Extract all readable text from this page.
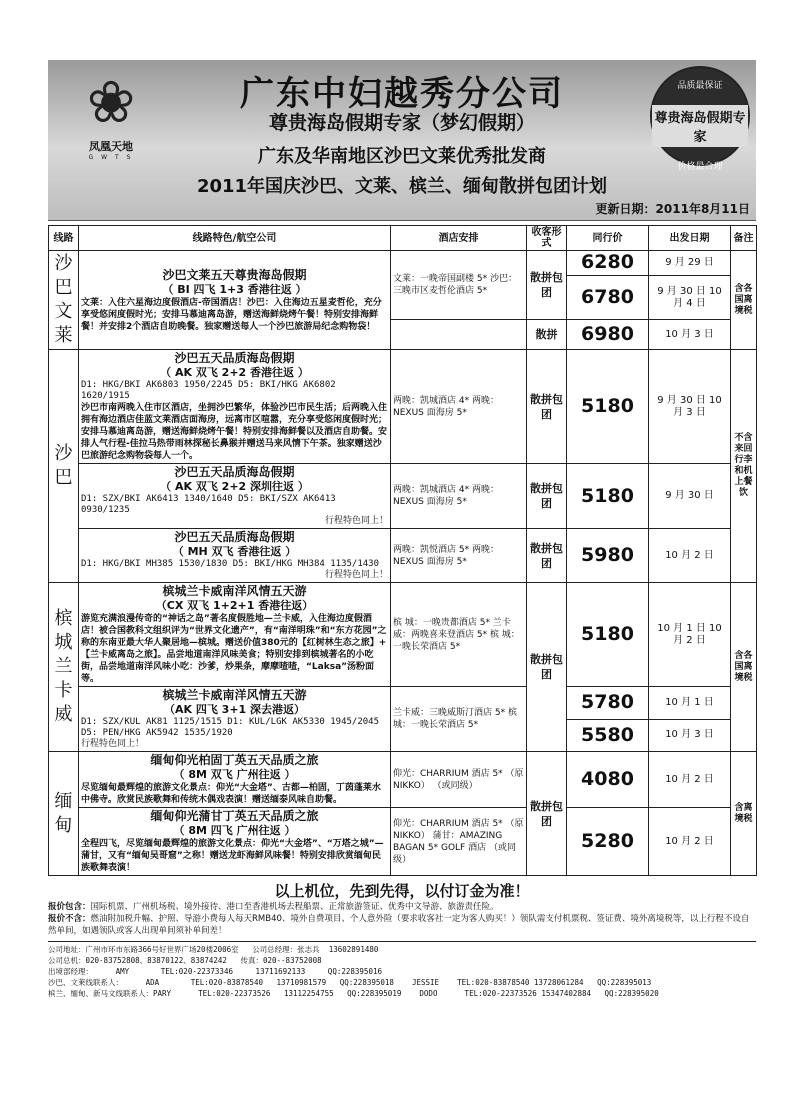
❀
凤凰天地
G W T S
广东中妇越秀分公司
尊贵海岛假期专家（梦幻假期）
广东及华南地区沙巴文莱优秀批发商
2011年国庆沙巴、文莱、槟兰、缅甸散拼包团计划
品质最保证
尊贵海岛假期专家
价格最合理
更新日期：2011年8月11日
线路	线路特色/航空公司	酒店安排	收客形式	同行价	出发日期	备注
沙巴文莱	沙巴文莱五天尊贵海岛假期
（ BI 四飞 1+3 香港往返 ）
文莱：入住六星海边度假酒店-帝国酒店！沙巴：入住海边五星麦哲伦，充分享受悠闲度假时光；安排马慕迪离岛游，赠送海鲜烧烤午餐！特别安排海鲜餐！并安排2个酒店自助晚餐。独家赠送每人一个沙巴旅游局纪念购物袋！	文莱：一晚帝国副楼 5* 沙巴：三晚市区麦哲伦酒店 5*	散拼包团	6280	9 月 29 日	含各国离境税
				6780	9 月 30 日 10 月 4 日	
			散拼	6980	10 月 3 日	
沙巴	沙巴五天品质海岛假期
（ AK 双飞 2+2 香港往返 ）
D1: HKG/BKI AK6803 1950/2245 D5: BKI/HKG AK6802 1620/1915
沙巴市南两晚入住市区酒店，坐拥沙巴繁华，体验沙巴市民生活；后两晚入住拥有海边酒店佳蓝文莱酒店面海房，远离市区喧嚣，充分享受悠闲度假时光；安排马慕迪离岛游，赠送海鲜烧烤午餐！特别安排海鲜餐以及酒店自助餐。安排人气行程-佳拉马热带雨林探秘长鼻猴并赠送马来风情下午茶。独家赠送沙巴旅游纪念购物袋每人一个。	两晚：凯城酒店 4* 两晚：NEXUS 面海房 5*	散拼包团	5180	9 月 30 日 10 月 3 日	不含来回行李和机上餐饮

	沙巴五天品质海岛假期
（ AK 双飞 2+2 深圳往返 ）
D1: SZX/BKI AK6413 1340/1640 D5: BKI/SZX AK6413 0930/1235
行程特色同上！	两晚：凯城酒店 4* 两晚：NEXUS 面海房 5*	散拼包团	5180	9 月 30 日	

	沙巴五天品质海岛假期
（ MH 双飞 香港往返 ）
D1: HKG/BKI MH385 1530/1830 D5: BKI/HKG MH384 1135/1430
行程特色同上！	两晚：凯悦酒店 5* 两晚：NEXUS 面海房 5*	散拼包团	5980	10 月 2 日	
槟城兰卡威	槟城兰卡威南洋风情五天游
（CX 双飞 1+2+1 香港往返）
游览充满浪漫传奇的“神话之岛”著名度假胜地—兰卡威，入住海边度假酒店！被合国教科文组织评为“世界文化遗产”，有“南洋明珠”和“东方花园”之称的东南亚最大华人聚居地—槟城。赠送价值380元的【红树林生态之旅】+【兰卡威离岛之旅】。品尝地道南洋风味美食；特别安排到槟城著名的小吃街，品尝地道南洋风味小吃：沙爹，炒果条，摩摩喳喳，“Laksa”汤粉面等。	槟 城：一晚贵都酒店 5* 兰卡威：两晚喜来登酒店 5* 槟 城：一晚长荣酒店 5*	散拼包团	5180	10 月 1 日 10 月 2 日	含各国离境税

	槟城兰卡威南洋风情五天游
（AK 四飞 3+1 深去港返）
D1: SZX/KUL AK81 1125/1515 D1: KUL/LGK AK5330 1945/2045 D5: PEN/HKG AK5942 1535/1920
行程特色同上！	兰卡威：三晚威斯汀酒店 5* 槟 城：一晚长荣酒店 5*		5780	10 月 1 日	
				5580	10 月 3 日	
缅甸	缅甸仰光柏固丁英五天品质之旅
（ 8M 双飞 广州往返 ）
尽览缅甸最辉煌的旅游文化景点：仰光“大金塔”、古都—柏固，丁茵蓬莱水中佛寺。欣赏民族歌舞和传统木偶戏表演！赠送缅泰风味自助餐。	仰光：CHARRIUM 酒店 5* （原 NIKKO） （或同级）	散拼包团	4080	10 月 2 日	含离境税

	缅甸仰光蒲甘丁英五天品质之旅
（ 8M 四飞 广州往返 ）
全程四飞，尽览缅甸最辉煌的旅游文化景点：仰光“大金塔”、“万塔之城”—蒲甘，又有“缅甸吴哥窟”之称！赠送龙虾海鲜风味餐！特别安排欣赏缅甸民族歌舞表演！	仰光：CHARRIUM 酒店 5* （原 NIKKO） 蒲甘：AMAZING BAGAN 5* GOLF 酒店 （或同级）		5280	10 月 2 日	
以上机位，先到先得，以付订金为准！
报价包含：国际机票、广州机场税、境外接待、港口至香港机场去程船票、正常旅游签证、优秀中文导游、旅游责任险。
报价不含：燃油附加税升幅、护照、导游小费每人每天RMB40、境外自费项目、个人意外险（要求收客社一定为客人购买！）领队需支付机票税、签证费、境外离境税等，以上行程不设自然单间，如遇领队或客人出现单间须补单间差！
公司地址：广州市环市东路366号好世界广场20楼2006室 公司总经理：张志兵  13602891480
公司总机：020-83752808、83870122、83874242 传真：020--83752008
出境部经理：     AMY       TEL:020-22373346     13711692133     QQ:228395016
沙巴、文莱线联系人：     ADA       TEL:020-83878540   13710981579   QQ:228395018    JESSIE    TEL:020-83878540 13728061284   QQ:228395013
槟兰、缅甸、新马文线联系人：PARY      TEL:020-22373526   13112254755   QQ:228395019    DODO      TEL:020-22373526 15347402884   QQ:228395020
